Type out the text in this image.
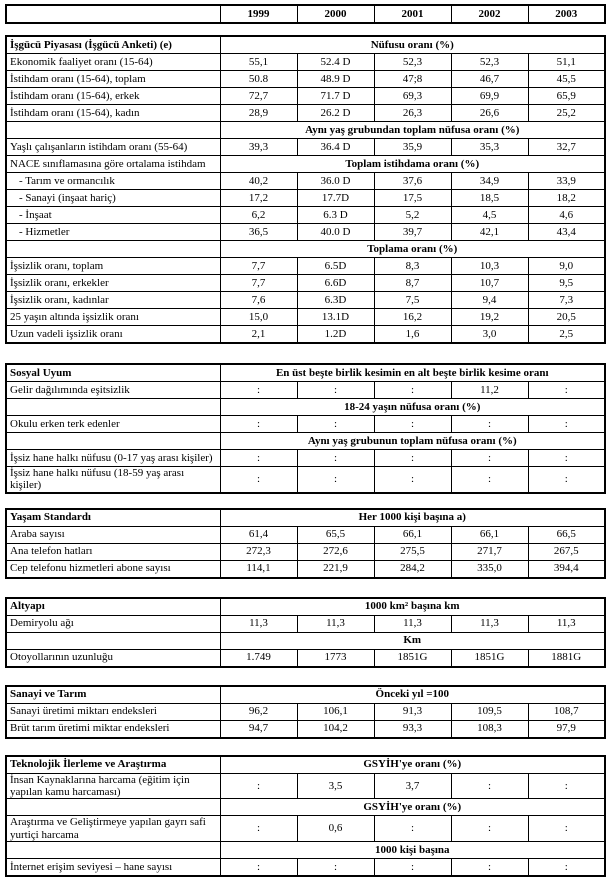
	1999	2000	2001	2002	2003
İşgücü Piyasası (İşgücü Anketi) (e)	Nüfusu oranı (%)				
Ekonomik faaliyet oranı (15-64)	55,1	52.4 D	52,3	52,3	51,1
İstihdam oranı (15-64), toplam	50.8	48.9 D	47;8	46,7	45,5
İstihdam oranı (15-64), erkek	72,7	71.7 D	69,3	69,9	65,9
İstihdam oranı (15-64), kadın	28,9	26.2 D	26,3	26,6	25,2
	Aynı yaş grubundan toplam nüfusa oranı (%)				
Yaşlı çalışanların istihdam oranı (55-64)	39,3	36.4 D	35,9	35,3	32,7
NACE sınıflamasına göre ortalama istihdam	Toplam istihdama oranı (%)				
- Tarım ve ormancılık	40,2	36.0 D	37,6	34,9	33,9
- Sanayi (inşaat hariç)	17,2	17.7D	17,5	18,5	18,2
- İnşaat	6,2	6.3 D	5,2	4,5	4,6
- Hizmetler	36,5	40.0 D	39,7	42,1	43,4
	Toplama oranı (%)				
İşsizlik oranı, toplam	7,7	6.5D	8,3	10,3	9,0
İşsizlik oranı, erkekler	7,7	6.6D	8,7	10,7	9,5
İşsizlik oranı, kadınlar	7,6	6.3D	7,5	9,4	7,3
25 yaşın altında işsizlik oranı	15,0	13.1D	16,2	19,2	20,5
Uzun vadeli işsizlik oranı	2,1	1.2D	1,6	3,0	2,5
Sosyal Uyum	En üst beşte birlik kesimin en alt beşte birlik kesime oranı				
Gelir dağılımında eşitsizlik	:	:	:	11,2	:
	18-24 yaşın nüfusa oranı (%)				
Okulu erken terk edenler	:	:	:	:	:
	Aynı yaş grubunun toplam nüfusa oranı (%)				
İşsiz hane halkı nüfusu (0-17 yaş arası kişiler)	:	:	:	:	:
İşsiz hane halkı nüfusu (18-59 yaş arası kişiler)	:	:	:	:	:
Yaşam Standardı	Her 1000 kişi başına a)				
Araba sayısı	61,4	65,5	66,1	66,1	66,5
Ana telefon hatları	272,3	272,6	275,5	271,7	267,5
Cep telefonu hizmetleri abone sayısı	114,1	221,9	284,2	335,0	394,4
Altyapı	1000 km² başına km				
Demiryolu ağı	11,3	11,3	11,3	11,3	11,3
	Km				
Otoyollarının uzunluğu	1.749	1773	1851G	1851G	1881G
Sanayi ve Tarım	Önceki yıl =100				
Sanayi üretimi miktarı endeksleri	96,2	106,1	91,3	109,5	108,7
Brüt tarım üretimi miktar endeksleri	94,7	104,2	93,3	108,3	97,9
Teknolojik İlerleme ve Araştırma	GSYİH'ye oranı (%)				
İnsan Kaynaklarına harcama (eğitim için yapılan kamu harcaması)	:	3,5	3,7	:	:
	GSYİH'ye oranı (%)				
Araştırma ve Geliştirmeye yapılan gayrı safi yurtiçi harcama	:	0,6	:	:	:
	1000 kişi başına				
İnternet erişim seviyesi – hane sayısı	:	:	:	:	:
